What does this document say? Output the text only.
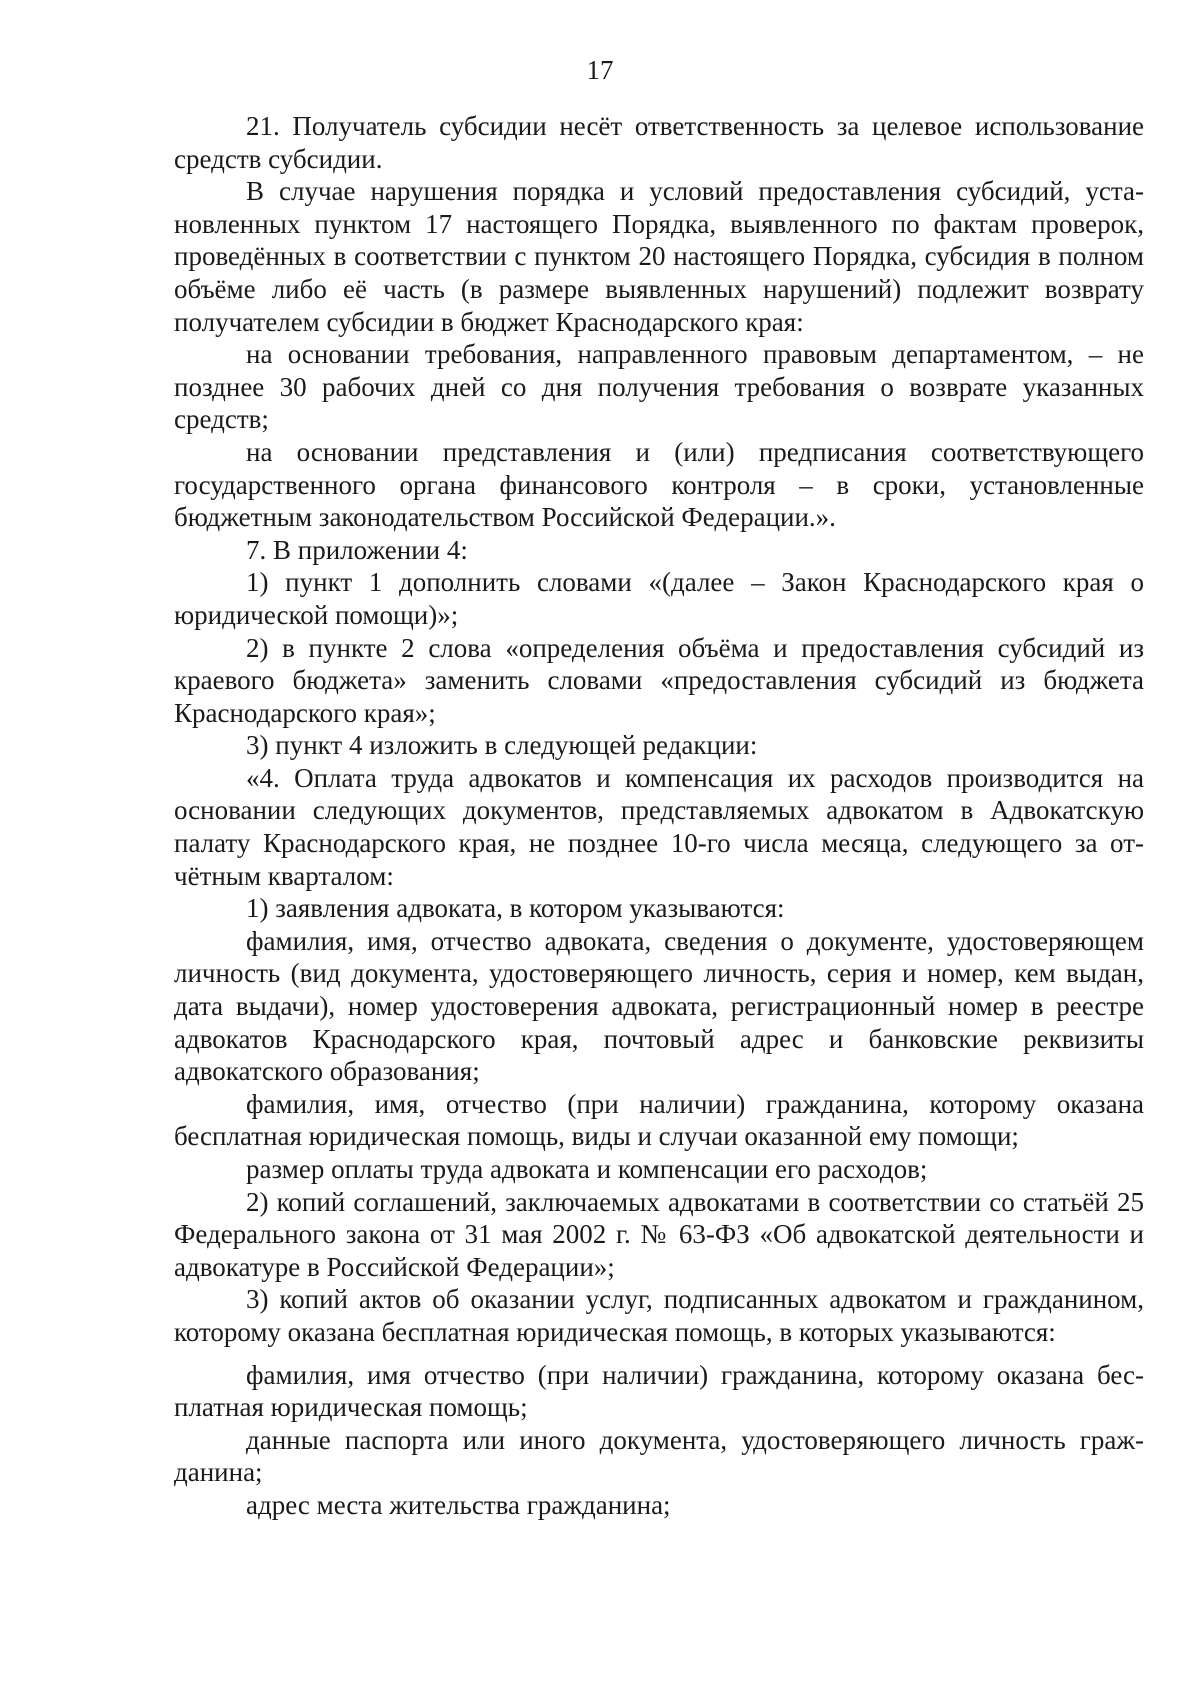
17

21. Получатель субсидии несёт ответственность за целевое использование средств субсидии.

В случае нарушения порядка и условий предоставления субсидий, установленных пунктом 17 настоящего Порядка, выявленного по фактам проверок, проведённых в соответствии с пунктом 20 настоящего Порядка, субсидия в полном объёме либо её часть (в размере выявленных нарушений) подлежит возврату получателем субсидии в бюджет Краснодарского края:

на основании требования, направленного правовым департаментом, – не позднее 30 рабочих дней со дня получения требования о возврате указанных средств;

на основании представления и (или) предписания соответствующего государственного органа финансового контроля – в сроки, установленные бюджетным законодательством Российской Федерации.».

7. В приложении 4:

1) пункт 1 дополнить словами «(далее – Закон Краснодарского края о юридической помощи)»;

2) в пункте 2 слова «определения объёма и предоставления субсидий из краевого бюджета» заменить словами «предоставления субсидий из бюджета Краснодарского края»;

3) пункт 4 изложить в следующей редакции:

«4. Оплата труда адвокатов и компенсация их расходов производится на основании следующих документов, представляемых адвокатом в Адвокатскую палату Краснодарского края, не позднее 10-го числа месяца, следующего за отчётным кварталом:

1) заявления адвоката, в котором указываются:

фамилия, имя, отчество адвоката, сведения о документе, удостоверяющем личность (вид документа, удостоверяющего личность, серия и номер, кем выдан, дата выдачи), номер удостоверения адвоката, регистрационный номер в реестре адвокатов Краснодарского края, почтовый адрес и банковские реквизиты адвокатского образования;

фамилия, имя, отчество (при наличии) гражданина, которому оказана бесплатная юридическая помощь, виды и случаи оказанной ему помощи;

размер оплаты труда адвоката и компенсации его расходов;

2) копий соглашений, заключаемых адвокатами в соответствии со статьёй 25 Федерального закона от 31 мая 2002 г. № 63-ФЗ «Об адвокатской деятельности и адвокатуре в Российской Федерации»;

3) копий актов об оказании услуг, подписанных адвокатом и гражданином, которому оказана бесплатная юридическая помощь, в которых указываются:

фамилия, имя отчество (при наличии) гражданина, которому оказана бесплатная юридическая помощь;

данные паспорта или иного документа, удостоверяющего личность гражданина;

адрес места жительства гражданина;
